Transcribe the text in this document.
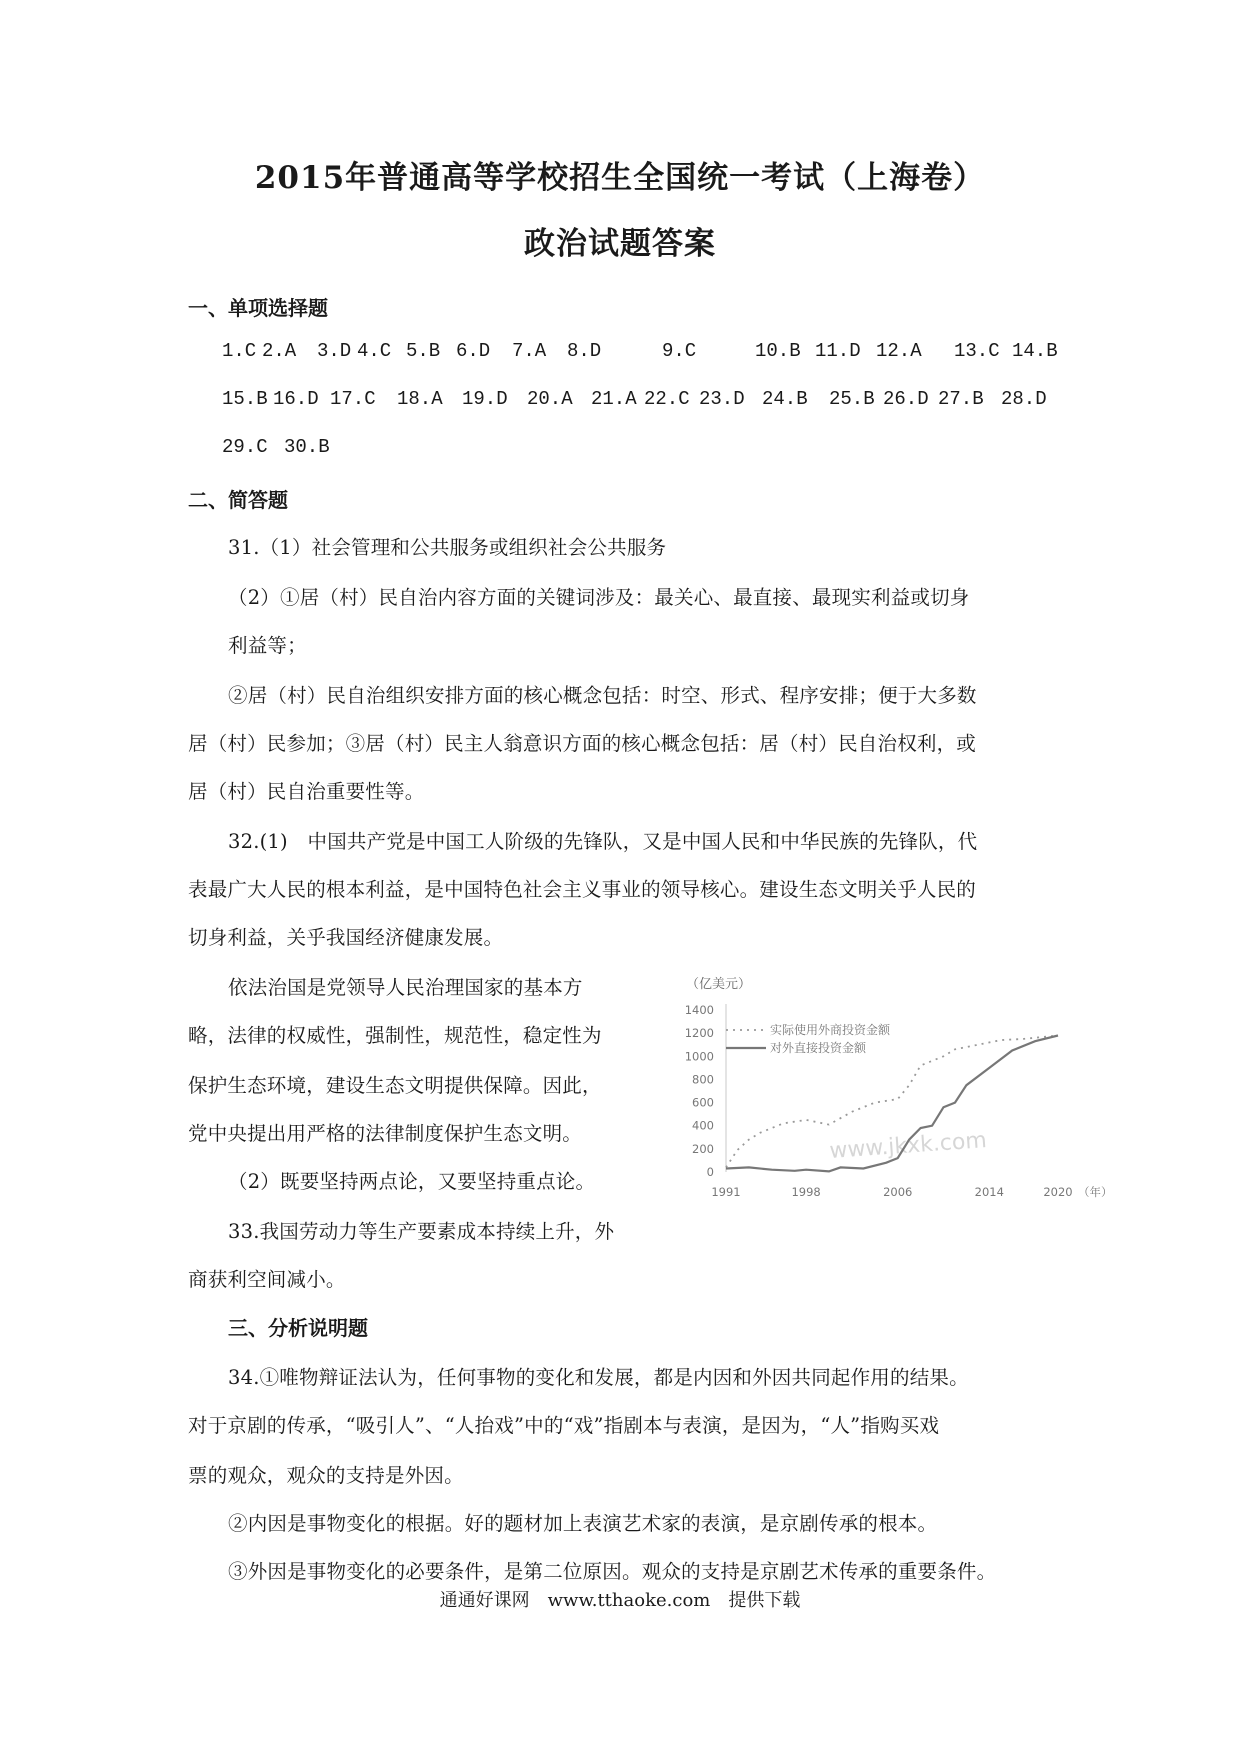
2015年普通高等学校招生全国统一考试（上海卷）
政治试题答案
一、单项选择题
1.C 2.A 3.D 4.C 5.B 6.D 7.A 8.D	9.C	10.B 11.D 12.A 13.C 14.B
15.B 16.D 17.C 18.A 19.D 20.A 21.A 22.C 23.D 24.B 25.B 26.D 27.B 28.D
29.C 30.B
二、简答题
31.（1）社会管理和公共服务或组织社会公共服务
（2）①居（村）民自治内容方面的关键词涉及：最关心、最直接、最现实利益或切身
利益等；
②居（村）民自治组织安排方面的核心概念包括：时空、形式、程序安排；便于大多数
居（村）民参加；③居（村）民主人翁意识方面的核心概念包括：居（村）民自治权利，或
居（村）民自治重要性等。
32.(1)　中国共产党是中国工人阶级的先锋队，又是中国人民和中华民族的先锋队，代
表最广大人民的根本利益，是中国特色社会主义事业的领导核心。建设生态文明关乎人民的
切身利益，关乎我国经济健康发展。
依法治国是党领导人民治理国家的基本方
略，法律的权威性，强制性，规范性，稳定性为
保护生态环境，建设生态文明提供保障。因此，
党中央提出用严格的法律制度保护生态文明。
（2）既要坚持两点论，又要坚持重点论。
33.我国劳动力等生产要素成本持续上升，外
商获利空间减小。
三、分析说明题
34.①唯物辩证法认为，任何事物的变化和发展，都是内因和外因共同起作用的结果。
对于京剧的传承，“吸引人”、“人抬戏”中的“戏”指剧本与表演，是因为，“人”指购买戏
票的观众，观众的支持是外因。
②内因是事物变化的根据。好的题材加上表演艺术家的表演，是京剧传承的根本。
③外因是事物变化的必要条件，是第二位原因。观众的支持是京剧艺术传承的重要条件。
（亿美元）
1400
1200
1000
800
600
400
200
0
1991	1998	2006	2014	2020 （年）
www.jkxk.com
实际使用外商投资金额
对外直接投资金额
通通好课网　www.tthaoke.com　提供下载
